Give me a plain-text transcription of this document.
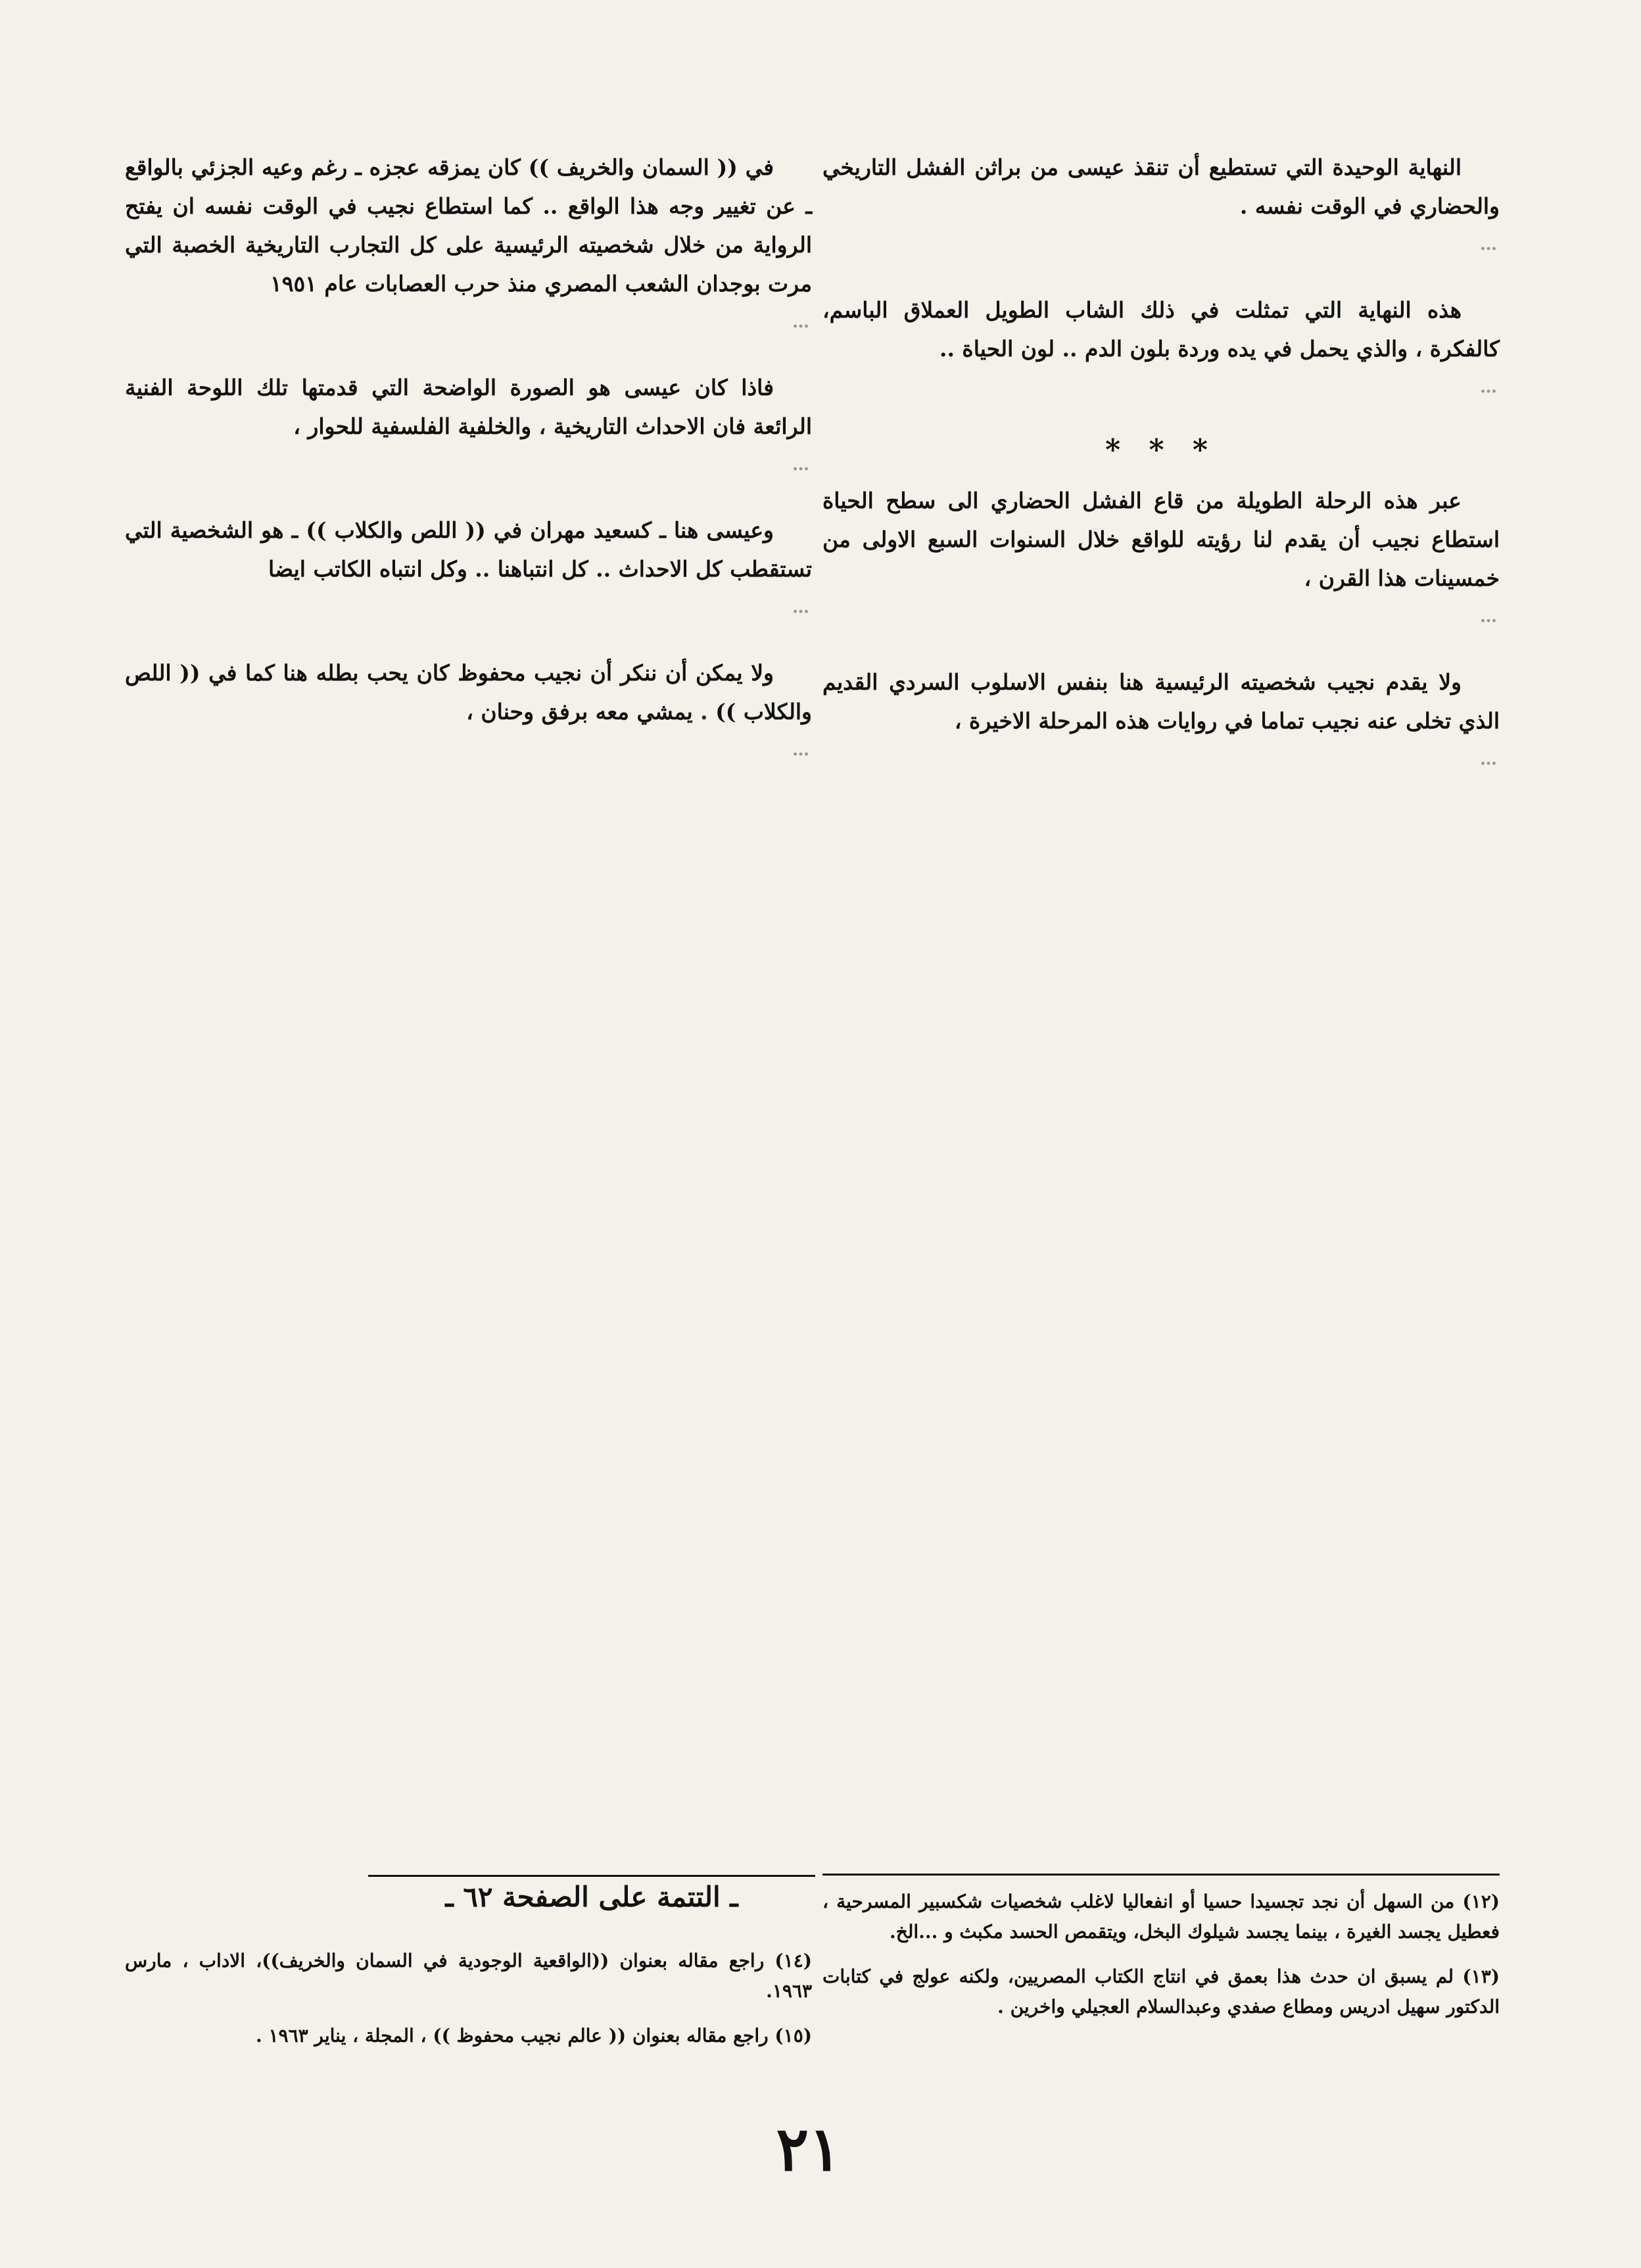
النهاية الوحيدة التي تستطيع أن تنقذ عيسى من براثن الفشل التاريخي والحضاري في الوقت نفسه .
…

هذه النهاية التي تمثلت في ذلك الشاب الطويل العملاق الباسم، كالفكرة ، والذي يحمل في يده وردة بلون الدم .. لون الحياة ..
…

* * *

عبر هذه الرحلة الطويلة من قاع الفشل الحضاري الى سطح الحياة استطاع نجيب أن يقدم لنا رؤيته للواقع خلال السنوات السبع الاولى من خمسينات هذا القرن ،
…

ولا يقدم نجيب شخصيته الرئيسية هنا بنفس الاسلوب السردي القديم الذي تخلى عنه نجيب تماما في روايات هذه المرحلة الاخيرة ،
…

في (( السمان والخريف )) كان يمزقه عجزه ـ رغم وعيه الجزئي بالواقع ـ عن تغيير وجه هذا الواقع .. كما استطاع نجيب في الوقت نفسه ان يفتح الرواية من خلال شخصيته الرئيسية على كل التجارب التاريخية الخصبة التي مرت بوجدان الشعب المصري منذ حرب العصابات عام ١٩٥١
…

فاذا كان عيسى هو الصورة الواضحة التي قدمتها تلك اللوحة الفنية الرائعة فان الاحداث التاريخية ، والخلفية الفلسفية للحوار ،
…

وعيسى هنا ـ كسعيد مهران في (( اللص والكلاب )) ـ هو الشخصية التي تستقطب كل الاحداث .. كل انتباهنا .. وكل انتباه الكاتب ايضا
…

ولا يمكن أن ننكر أن نجيب محفوظ كان يحب بطله هنا كما في (( اللص والكلاب )) . يمشي معه برفق وحنان ،
…

ـ التتمة على الصفحة ٦٢ ـ	(١٢) من السهل أن نجد تجسيدا حسيا أو انفعاليا لاغلب شخصيات شكسبير المسرحية ، فعطيل يجسد الغيرة ، بينما يجسد شيلوك البخل، ويتقمص الحسد مكبث و ...الخ.
(١٣) لم يسبق ان حدث هذا بعمق في انتاج الكتاب المصريين، ولكنه عولج في كتابات الدكتور سهيل ادريس ومطاع صفدي وعبدالسلام العجيلي واخرين .
(١٤) راجع مقاله بعنوان ((الواقعية الوجودية في السمان والخريف))، الاداب ، مارس ١٩٦٣.
(١٥) راجع مقاله بعنوان (( عالم نجيب محفوظ )) ، المجلة ، يناير ١٩٦٣ .
٢١
